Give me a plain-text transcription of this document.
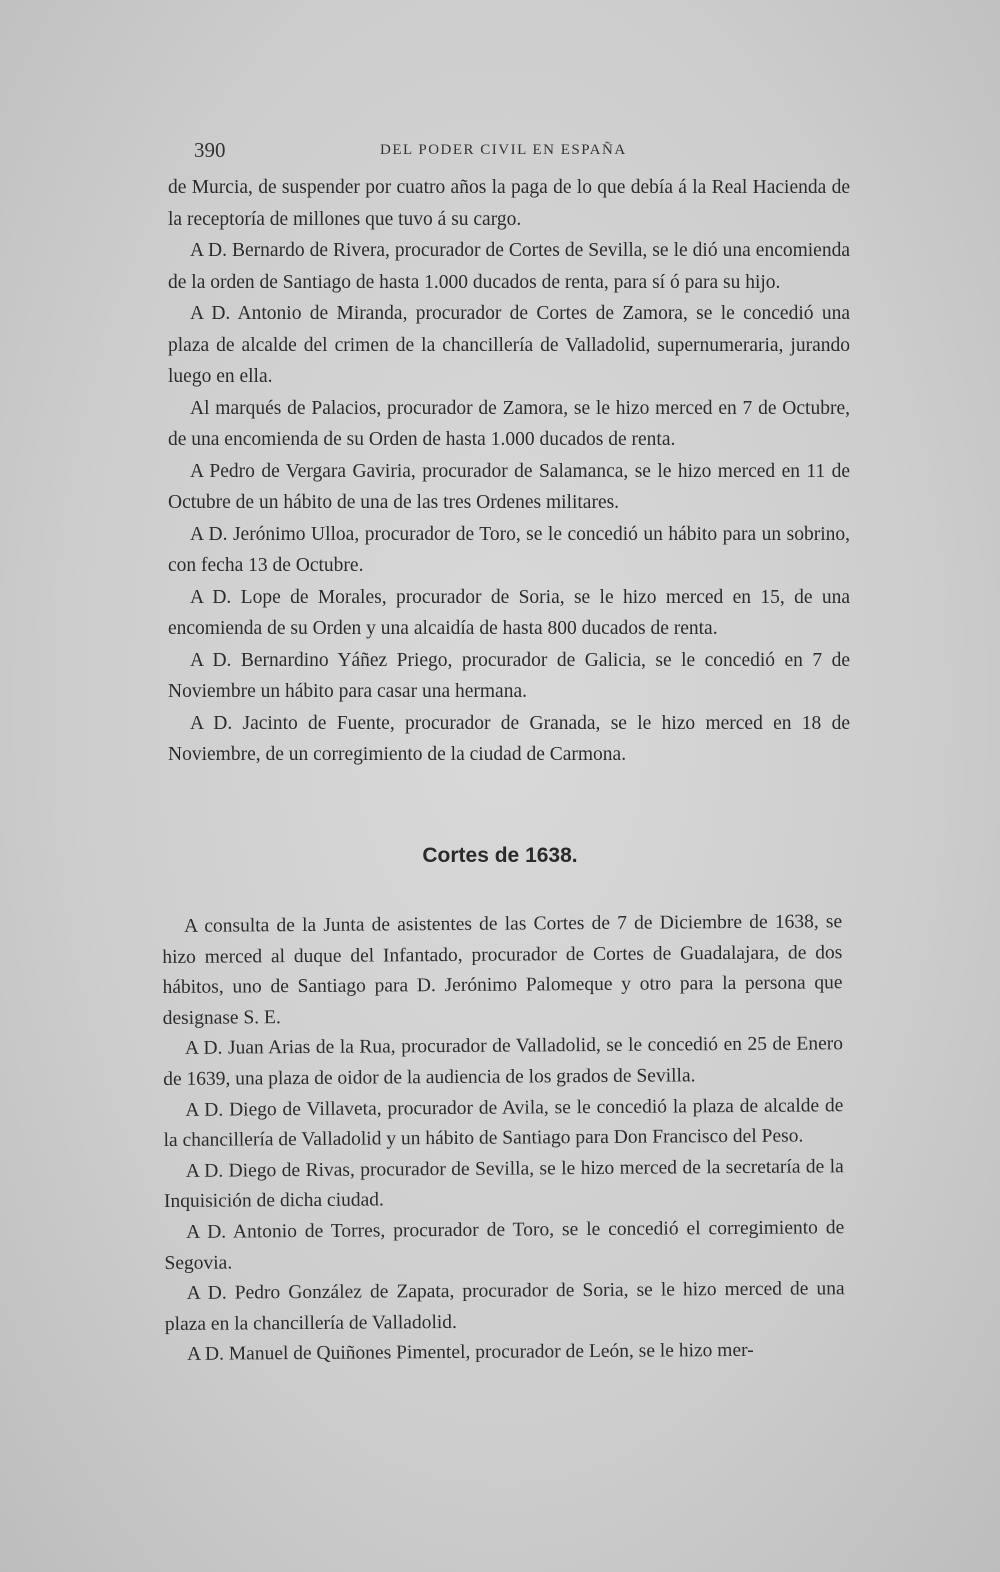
390	DEL PODER CIVIL EN ESPAÑA

de Murcia, de suspender por cuatro años la paga de lo que debía á la Real Hacienda de la receptoría de millones que tuvo á su cargo.

A D. Bernardo de Rivera, procurador de Cortes de Sevilla, se le dió una encomienda de la orden de Santiago de hasta 1.000 ducados de renta, para sí ó para su hijo.

A D. Antonio de Miranda, procurador de Cortes de Zamora, se le concedió una plaza de alcalde del crimen de la chancillería de Valladolid, supernumeraria, jurando luego en ella.

Al marqués de Palacios, procurador de Zamora, se le hizo merced en 7 de Octubre, de una encomienda de su Orden de hasta 1.000 ducados de renta.

A Pedro de Vergara Gaviria, procurador de Salamanca, se le hizo merced en 11 de Octubre de un hábito de una de las tres Ordenes militares.

A D. Jerónimo Ulloa, procurador de Toro, se le concedió un hábito para un sobrino, con fecha 13 de Octubre.

A D. Lope de Morales, procurador de Soria, se le hizo merced en 15, de una encomienda de su Orden y una alcaidía de hasta 800 ducados de renta.

A D. Bernardino Yáñez Priego, procurador de Galicia, se le concedió en 7 de Noviembre un hábito para casar una hermana.

A D. Jacinto de Fuente, procurador de Granada, se le hizo merced en 18 de Noviembre, de un corregimiento de la ciudad de Carmona.

Cortes de 1638.

A consulta de la Junta de asistentes de las Cortes de 7 de Diciembre de 1638, se hizo merced al duque del Infantado, procurador de Cortes de Guadalajara, de dos hábitos, uno de Santiago para D. Jerónimo Palomeque y otro para la persona que designase S. E.

A D. Juan Arias de la Rua, procurador de Valladolid, se le concedió en 25 de Enero de 1639, una plaza de oidor de la audiencia de los grados de Sevilla.

A D. Diego de Villaveta, procurador de Avila, se le concedió la plaza de alcalde de la chancillería de Valladolid y un hábito de Santiago para Don Francisco del Peso.

A D. Diego de Rivas, procurador de Sevilla, se le hizo merced de la secretaría de la Inquisición de dicha ciudad.

A D. Antonio de Torres, procurador de Toro, se le concedió el corregimiento de Segovia.

A D. Pedro González de Zapata, procurador de Soria, se le hizo merced de una plaza en la chancillería de Valladolid.

A D. Manuel de Quiñones Pimentel, procurador de León, se le hizo mer-
